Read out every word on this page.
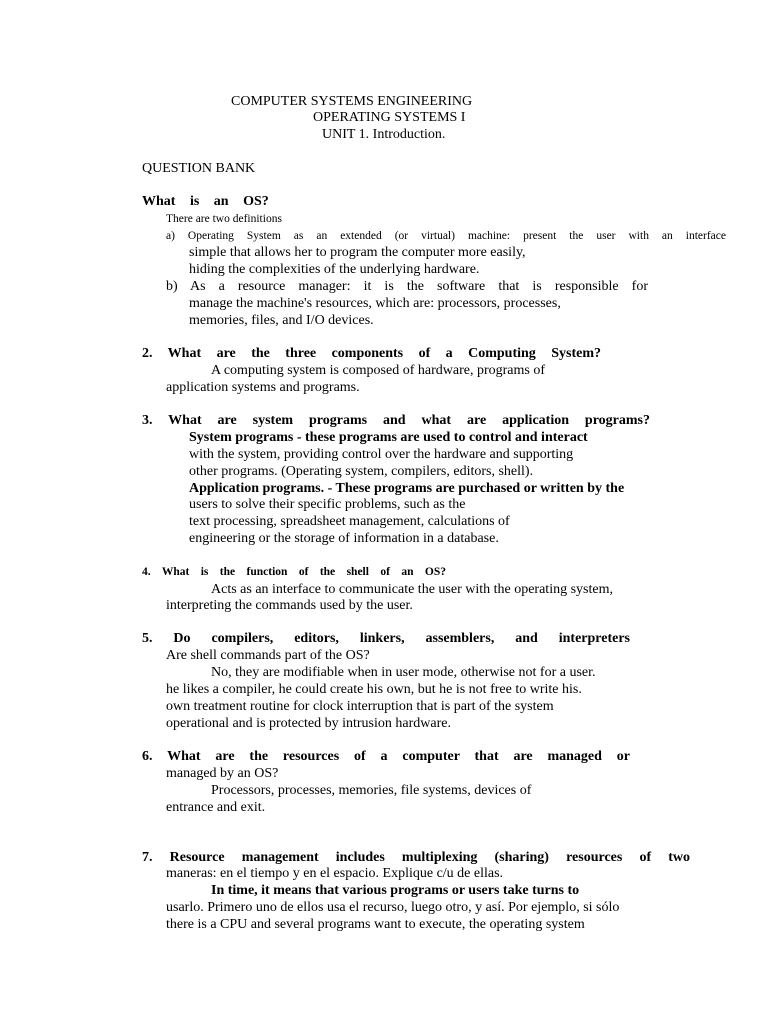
COMPUTER SYSTEMS ENGINEERING
OPERATING SYSTEMS I
UNIT 1. Introduction.
QUESTION BANK
What is an OS?
There are two definitions
a) Operating System as an extended (or virtual) machine: present the user with an interface
simple that allows her to program the computer more easily,
hiding the complexities of the underlying hardware.
b) As a resource manager: it is the software that is responsible for
manage the machine's resources, which are: processors, processes,
memories, files, and I/O devices.
2. What are the three components of a Computing System?
A computing system is composed of hardware, programs of
application systems and programs.
3. What are system programs and what are application programs?
System programs - these programs are used to control and interact
with the system, providing control over the hardware and supporting
other programs. (Operating system, compilers, editors, shell).
Application programs. - These programs are purchased or written by the
users to solve their specific problems, such as the
text processing, spreadsheet management, calculations of
engineering or the storage of information in a database.
4. What is the function of the shell of an OS?
Acts as an interface to communicate the user with the operating system,
interpreting the commands used by the user.
5. Do compilers, editors, linkers, assemblers, and interpreters
Are shell commands part of the OS?
No, they are modifiable when in user mode, otherwise not for a user.
he likes a compiler, he could create his own, but he is not free to write his.
own treatment routine for clock interruption that is part of the system
operational and is protected by intrusion hardware.
6. What are the resources of a computer that are managed or
managed by an OS?
Processors, processes, memories, file systems, devices of
entrance and exit.
7. Resource management includes multiplexing (sharing) resources of two
maneras: en el tiempo y en el espacio. Explique c/u de ellas.
In time, it means that various programs or users take turns to
usarlo. Primero uno de ellos usa el recurso, luego otro, y así. Por ejemplo, si sólo
there is a CPU and several programs want to execute, the operating system
